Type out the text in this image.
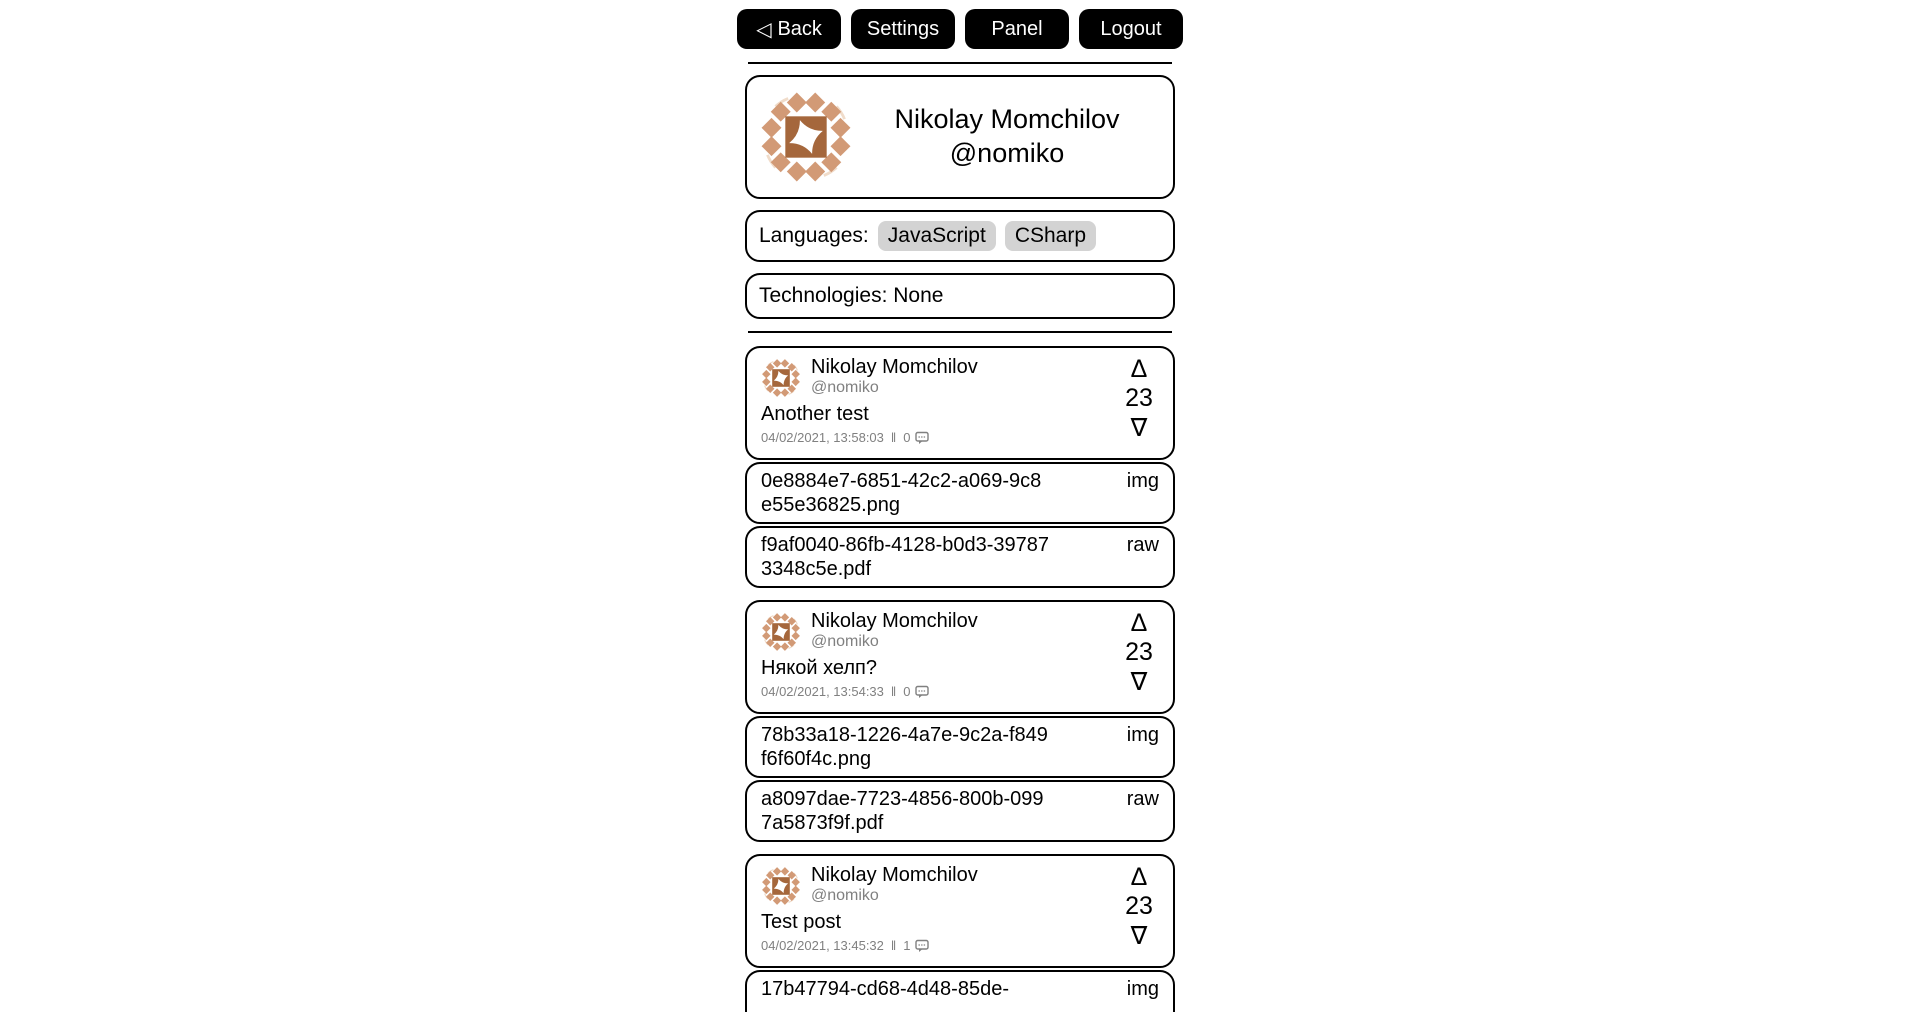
◁ Back	Settings	Panel	Logout
Nikolay Momchilov
@nomiko
Languages: JavaScript	CSharp
Technologies: None
Nikolay Momchilov
@nomiko
Another test
04/02/2021, 13:58:03 ‖ 0
Δ
23
∇
0e8884e7-6851-42c2-a069-9c8e55e36825.png
img
f9af0040-86fb-4128-b0d3-397873348c5e.pdf
raw
Nikolay Momchilov
@nomiko
Някой хелп?
04/02/2021, 13:54:33 ‖ 0
Δ
23
∇
78b33a18-1226-4a7e-9c2a-f849f6f60f4c.png
img
a8097dae-7723-4856-800b-0997a5873f9f.pdf
raw
Nikolay Momchilov
@nomiko
Test post
04/02/2021, 13:45:32 ‖ 1
Δ
23
∇
17b47794-cd68-4d48-85de-	img
